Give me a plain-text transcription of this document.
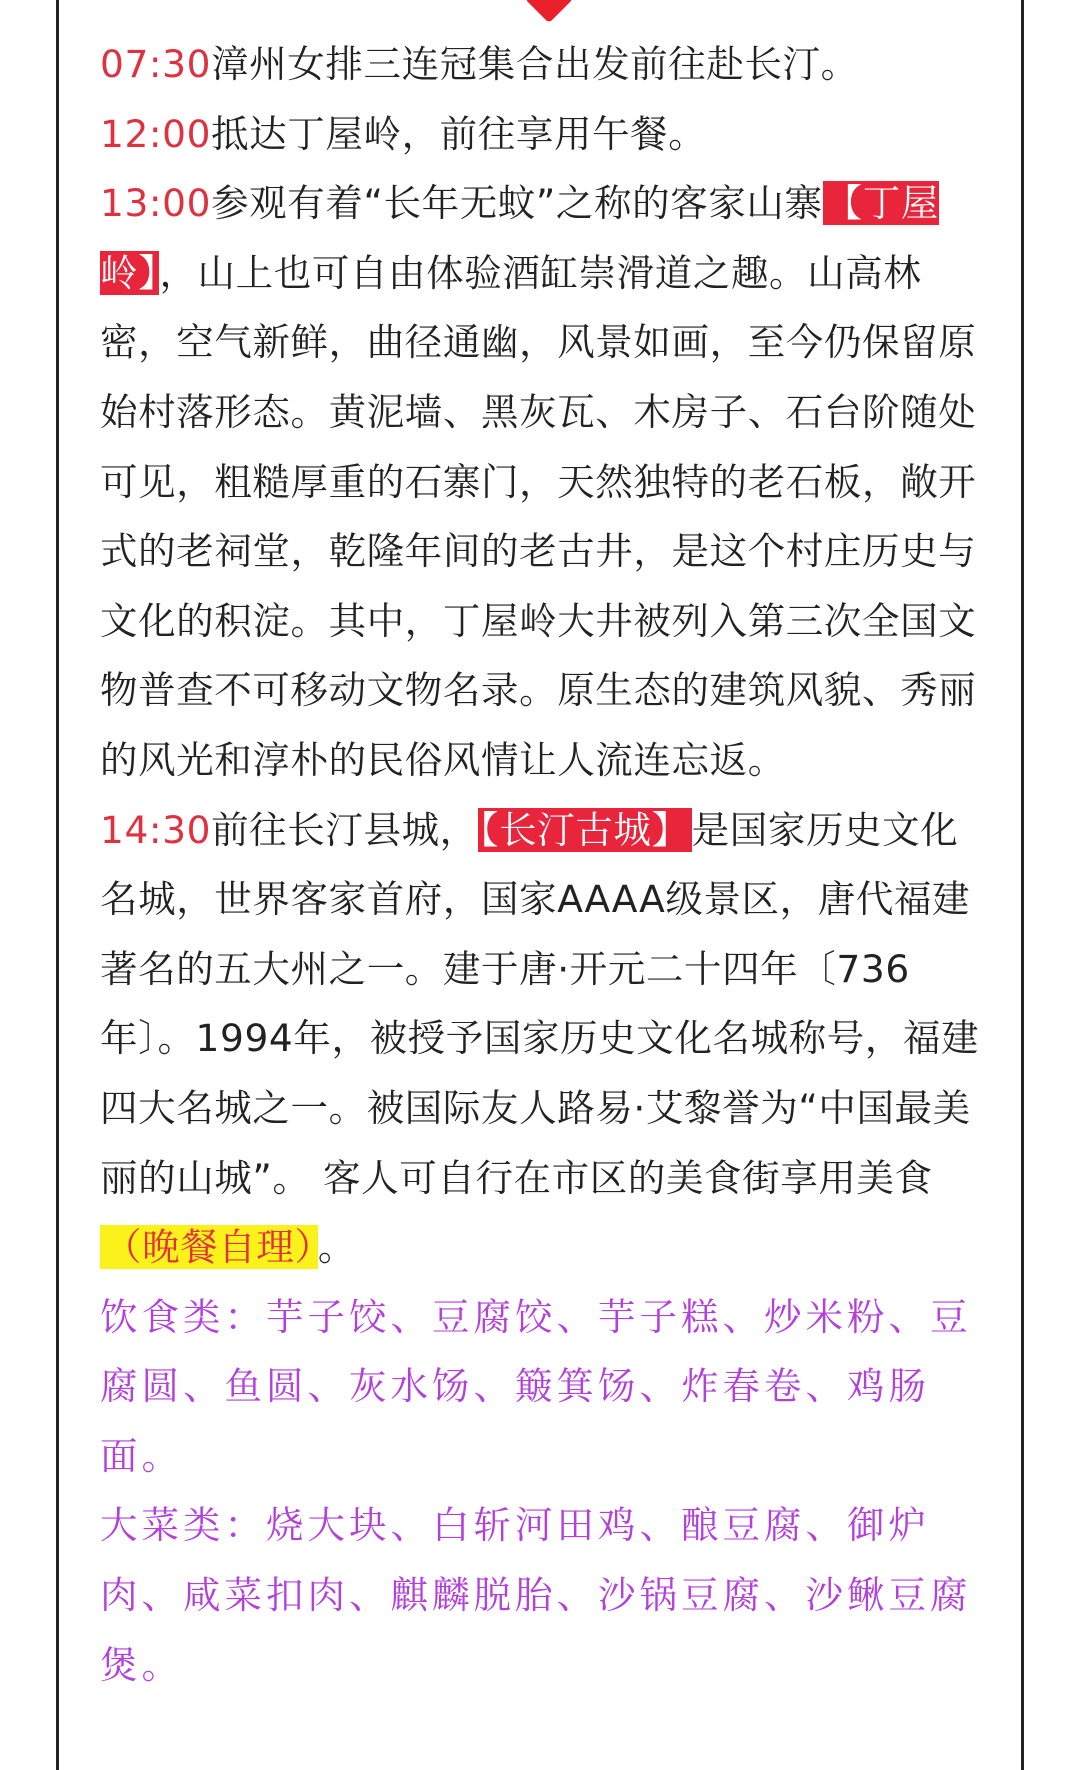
07:30漳州女排三连冠集合出发前往赴长汀。

12:00抵达丁屋岭，前往享用午餐。

13:00参观有着“长年无蚊”之称的客家山寨【丁屋岭】，山上也可自由体验酒缸崇滑道之趣。山高林密，空气新鲜，曲径通幽，风景如画，至今仍保留原始村落形态。黄泥墙、黑灰瓦、木房子、石台阶随处可见，粗糙厚重的石寨门，天然独特的老石板，敞开式的老祠堂，乾隆年间的老古井，是这个村庄历史与文化的积淀。其中，丁屋岭大井被列入第三次全国文物普查不可移动文物名录。原生态的建筑风貌、秀丽的风光和淳朴的民俗风情让人流连忘返。

14:30前往长汀县城，【长汀古城】是国家历史文化名城，世界客家首府，国家AAAA级景区，唐代福建著名的五大州之一。建于唐·开元二十四年〔736年〕。1994年，被授予国家历史文化名城称号，福建四大名城之一。被国际友人路易·艾黎誉为“中国最美丽的山城”。 客人可自行在市区的美食街享用美食（晚餐自理） 。

饮食类：芋子饺、豆腐饺、芋子糕、炒米粉、豆腐圆、鱼圆、灰水饧、簸箕饧、炸春卷、鸡肠面。

大菜类：烧大块、白斩河田鸡、酿豆腐、御炉肉、咸菜扣肉、麒麟脱胎、沙锅豆腐、沙鳅豆腐煲。
